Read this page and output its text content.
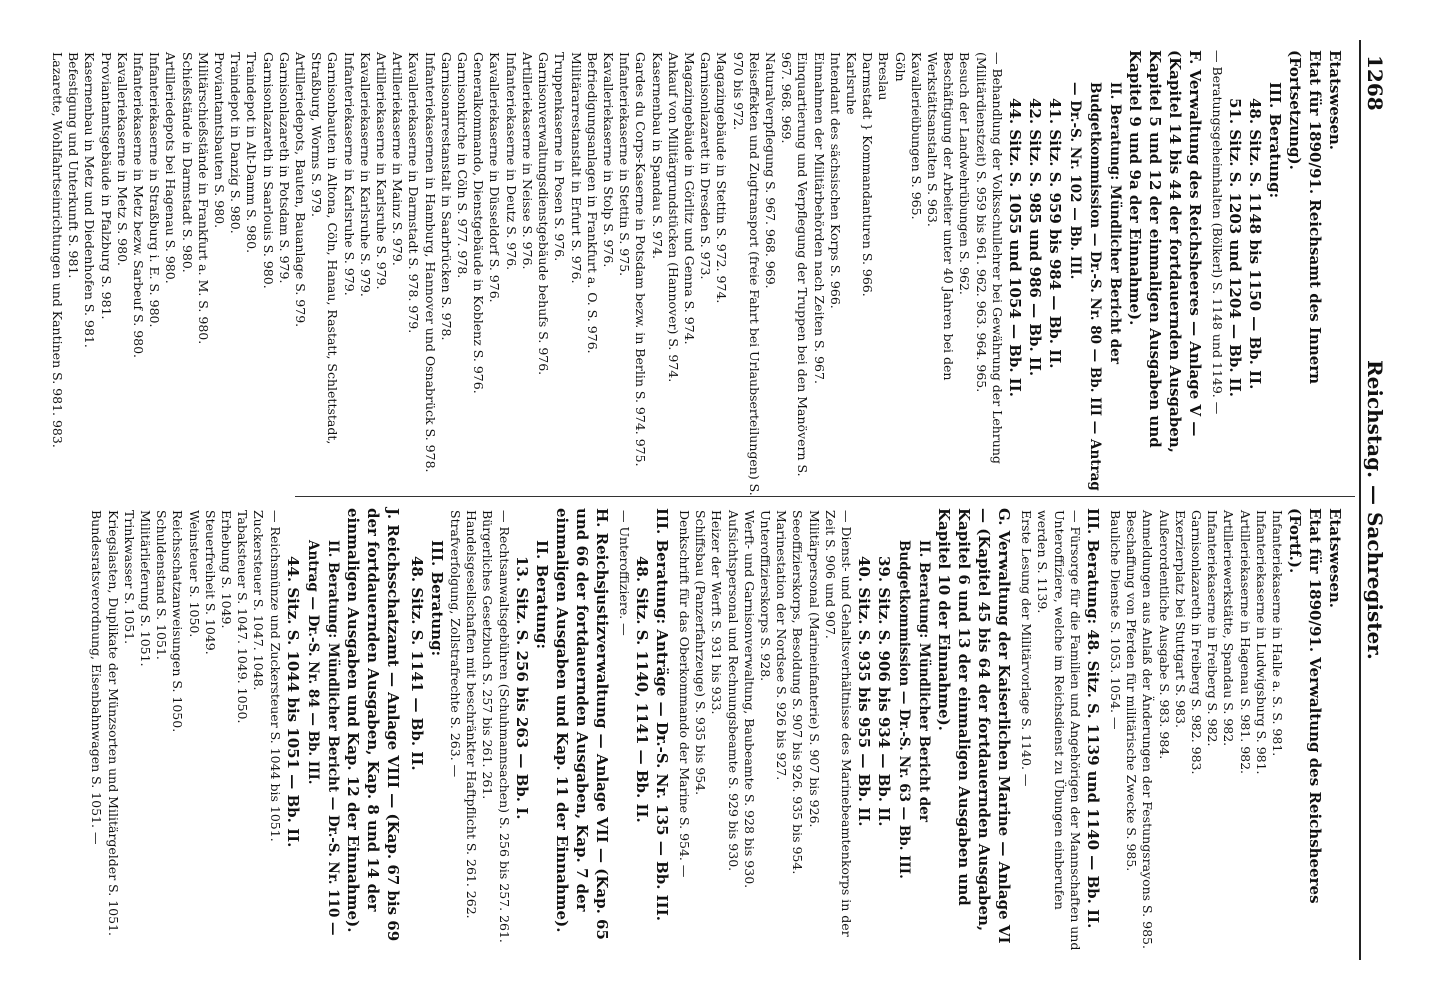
1268
Reichstag. — Sachregister.
Etatswesen.
Etat für 1890/91. Reichsamt des Innern (Fortsetzung).
III. Beratung:
48. Sitz. S. 1148 bis 1150 — Bb. II.
51. Sitz. S. 1203 und 1204 — Bb. II.
— Beratungsgeheimhalten (Bölkerl) S. 1148 und 1149. —
F. Verwaltung des Reichsheeres — Anlage V — (Kapitel 14 bis 44 der fortdauernden Ausgaben, Kapitel 5 und 12 der einmaligen Ausgaben und Kapitel 9 und 9a der Einnahme).
II. Beratung: Mündlicher Bericht der Budgetkommission — Dr.-S. Nr. 80 — Bb. III — Antrag — Dr.-S. Nr. 102 — Bb. III.
41. Sitz. S. 959 bis 984 — Bb. II.
42. Sitz. S. 985 und 986 — Bb. II.
44. Sitz. S. 1055 und 1054 — Bb. II.
— Behandlung der Volksschullehrer bei Gewährung der Lehrung (Militärdienstzeit) S. 959 bis 961. 962. 963. 964. 965.
Besuch der Landwehrübungen S. 962.
Beschäftigung der Arbeiter unter 40 Jahren bei den Werkstättsanstalten S. 963.
Kavallerieübungen S. 965.
Göln
Breslau
Darmstadt } Kommandanturen S. 966.
Karlsruhe
Intendant des sächsischen Korps S. 966.
Einnahmen der Militärbehörden nach Zeiten S. 967.
Einquartierung und Verpflegung der Truppen bei den Manövern S. 967. 968. 969.
Naturalverpflegung S. 967. 968. 969.
Reiseffekten und Zugtransport (freie Fahrt bei Urlaubserteilungen) S. 970 bis 972.
Magazingebäude in Stettin S. 972. 974.
Garnisonlazarett in Dresden S. 973.
Magazingebäude in Görlitz und Genna S. 974.
Ankauf von Militärgrundstücken (Hannover) S. 974.
Kasernenbau in Spandau S. 974.
Gardes du Corps-Kaserne in Potsdam bezw. in Berlin S. 974. 975.
Infanteriekaserne in Stettin S. 975.
Kavalleriekaserne in Stolp S. 976.
Befriedigungsanlagen in Frankfurt a. O. S. 976.
Militärarrestanstalt in Erfurt S. 976.
Truppenkaserne in Posen S. 976.
Garnisonverwaltungsdienstgebäude behufs S. 976.
Artilleriekaserne in Neisse S. 976.
Infanteriekaserne in Deutz S. 976.
Kavalleriekaserne in Düsseldorf S. 976.
Generalkommando, Dienstgebäude in Koblenz S. 976.
Garnisonkirche in Cöln S. 977. 978.
Garnisonarrestanstalt in Saarbrücken S. 978.
Infanteriekasernen in Hamburg, Hannover und Osnabrück S. 978.
Kavalleriekaserne in Darmstadt S. 978. 979.
Artilleriekaserne in Mainz S. 979.
Artilleriekaserne in Karlsruhe S. 979.
Kavalleriekaserne in Karlsruhe S. 979.
Infanteriekaserne in Karlsruhe S. 979.
Garnisonbauten in Altona, Cöln, Hanau, Rastatt, Schlettstadt, Straßburg, Worms S. 979.
Artilleriedepots, Bauten, Bauanlage S. 979.
Garnisonlazareth in Potsdam S. 979.
Garnisonlazareth in Saarlouis S. 980.
Traindepot in Alt-Damm S. 980.
Traindepot in Danzig S. 980.
Proviantamtsbauten S. 980.
Militärschießstände in Frankfurt a. M. S. 980.
Schießstände in Darmstadt S. 980.
Artilleriedepots bei Hagenau S. 980.
Infanteriekaserne in Straßburg i. E. S. 980.
Infanteriekaserne in Metz bezw. Sarbeuf S. 980.
Kavalleriekaserne in Metz S. 980.
Proviantamtsgebäude in Pfalzburg S. 981.
Kasernenbau in Metz und Diedenhofen S. 981.
Befestigung und Unterkunft S. 981.
Lazarette, Wohlfahrtseinrichtungen und Kantinen S. 981. 983.
Etatswesen.
Etat für 1890/91. Verwaltung des Reichsheeres (Fortf.).
Infanteriekaserne in Halle a. S. S. 981.
Infanteriekaserne in Ludwigsburg S. 981.
Artilleriekaserne in Hagenau S. 981. 982.
Artilleriewerkstätte, Spandau S. 982.
Infanteriekaserne in Freiberg S. 982.
Garnisonlazareth in Freiberg S. 982. 983.
Exerzierplatz bei Stuttgart S. 983.
Außerordentliche Ausgabe S. 983. 984.
Anmeldungen aus Anlaß der Änderungen der Festungsrayons S. 985.
Beschaffung von Pferden für militärische Zwecke S. 985.
Bauliche Dienste S. 1053. 1054. —
III. Beratung: 48. Sitz. S. 1139 und 1140 — Bb. II.
— Fürsorge für die Familien und Angehörigen der Mannschaften und Unteroffiziere, welche im Reichsdienst zu Übungen einberufen werden S. 1139.
Erste Lesung der Militärvorlage S. 1140. —
G. Verwaltung der Kaiserlichen Marine — Anlage VI — (Kapitel 45 bis 64 der fortdauernden Ausgaben, Kapitel 6 und 13 der einmaligen Ausgaben und Kapitel 10 der Einnahme).
II. Beratung: Mündlicher Bericht der Budgetkommission — Dr.-S. Nr. 63 — Bb. III.
39. Sitz. S. 906 bis 934 — Bb. II.
40. Sitz. S. 935 bis 955 — Bb. II.
— Dienst- und Gehaltsverhältnisse des Marinebeamtenkorps in der Zeit S. 906 und 907.
Militärpersonal (Marineinfanterie) S. 907 bis 926.
Seeoffizierskorps, Besoldung S. 907 bis 926. 935 bis 954.
Marinestation der Nordsee S. 926 bis 927.
Unteroffizierskorps S. 928.
Werft- und Garnisonverwaltung, Baubeamte S. 928 bis 930.
Aufsichtspersonal und Rechnungsbeamte S. 929 bis 930.
Heizer der Werft S. 931 bis 933.
Schiffsbau (Panzerfahrzeuge) S. 935 bis 954.
Denkschrift für das Oberkommando der Marine S. 954. —
III. Beratung: Anträge — Dr.-S. Nr. 135 — Bb. III.
48. Sitz. S. 1140, 1141 — Bb. II.
— Unteroffiziere. —
H. Reichsjustizverwaltung — Anlage VII — (Kap. 65 und 66 der fortdauernden Ausgaben, Kap. 7 der einmaligen Ausgaben und Kap. 11 der Einnahme).
II. Beratung:
13. Sitz. S. 256 bis 263 — Bb. I.
— Rechtsanwaltsgebühren (Schuhmannsachen) S. 256 bis 257. 261.
Bürgerliches Gesetzbuch S. 257 bis 261. 261.
Handelsgesellschaften mit beschränkter Haftpflicht S. 261. 262.
Strafverfolgung, Zollstrafrechte S. 263. —
III. Beratung:
48. Sitz. S. 1141 — Bb. II.
J. Reichsschatzamt — Anlage VIII — (Kap. 67 bis 69 der fortdauernden Ausgaben, Kap. 8 und 14 der einmaligen Ausgaben und Kap. 12 der Einnahme).
II. Beratung: Mündlicher Bericht — Dr.-S. Nr. 110 — Antrag — Dr.-S. Nr. 84 — Bb. III.
44. Sitz. S. 1044 bis 1051 — Bb. II.
— Reichsmünze und Zuckersteuer S. 1044 bis 1051.
Zuckersteuer S. 1047. 1048.
Tabaksteuer S. 1047. 1049. 1050.
Erhebung S. 1049.
Steuerfreiheit S. 1049.
Weinsteuer S. 1050.
Reichsschatzanweisungen S. 1050.
Schuldenstand S. 1051.
Militärlieferung S. 1051.
Trinkwasser S. 1051.
Kriegslasten, Duplikate der Münzsorten und Militärgelder S. 1051.
Bundesratsverordnung, Eisenbahnwagen S. 1051. —
